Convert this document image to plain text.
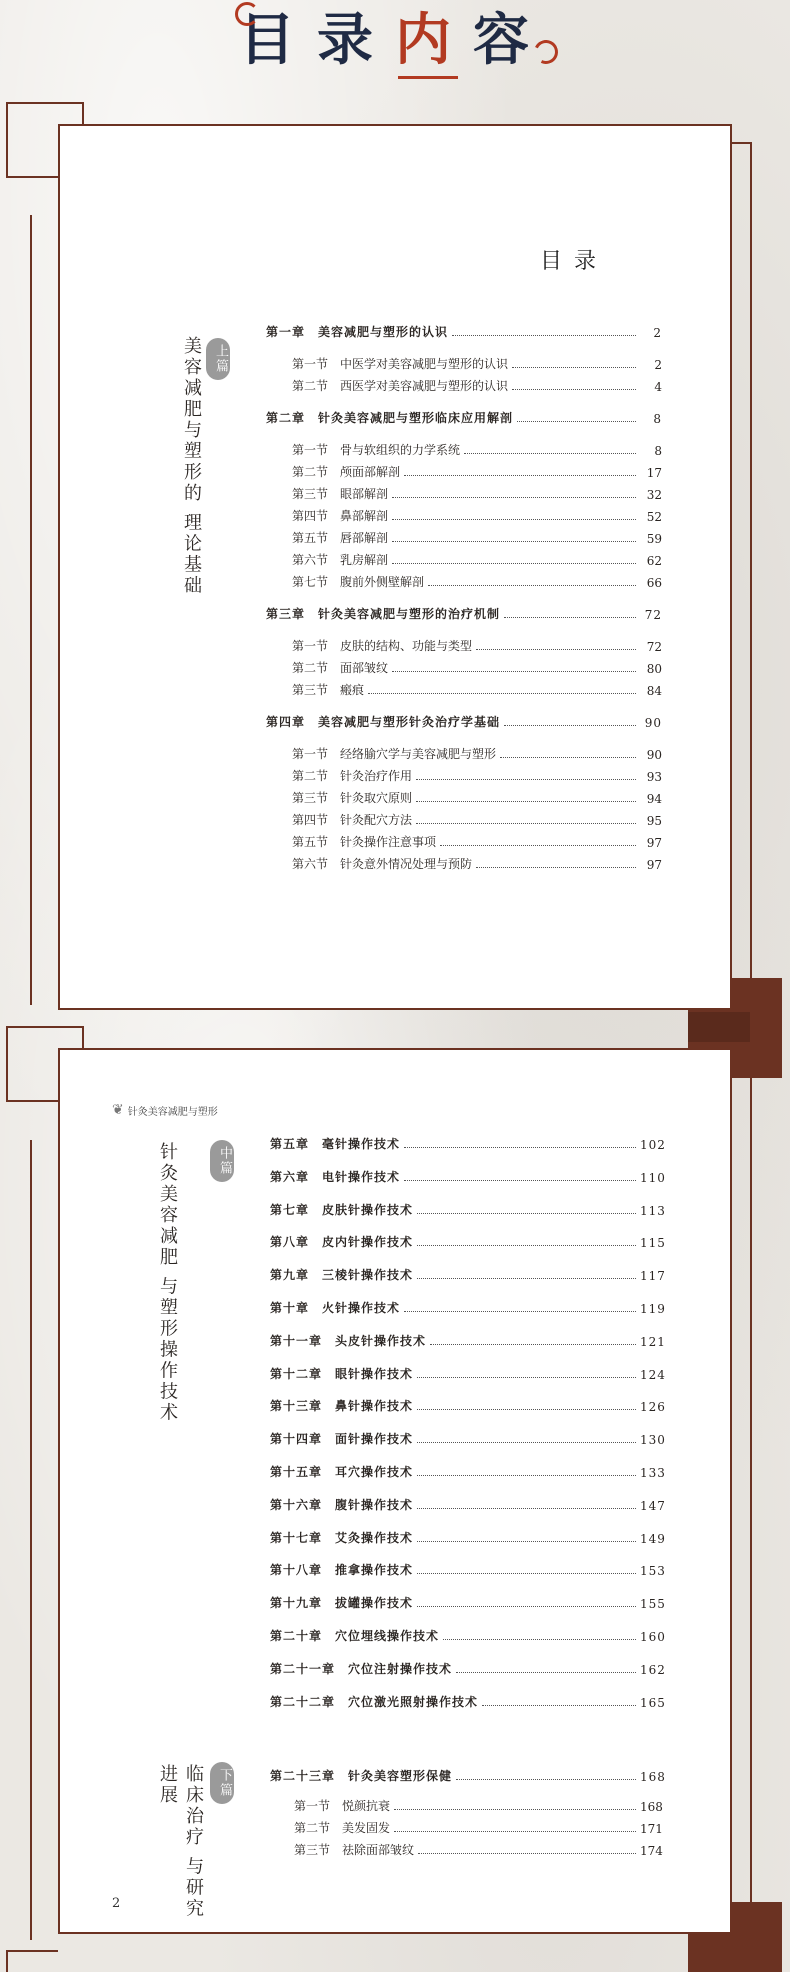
目录内容
目录
上篇
美容减肥与塑形的 理论基础
第一章　美容减肥与塑形的认识	2
第一节　中医学对美容减肥与塑形的认识	2
第二节　西医学对美容减肥与塑形的认识	4
第二章　针灸美容减肥与塑形临床应用解剖	8
第一节　骨与软组织的力学系统	8
第二节　颅面部解剖	17
第三节　眼部解剖	32
第四节　鼻部解剖	52
第五节　唇部解剖	59
第六节　乳房解剖	62
第七节　腹前外侧壁解剖	66
第三章　针灸美容减肥与塑形的治疗机制	72
第一节　皮肤的结构、功能与类型	72
第二节　面部皱纹	80
第三节　瘢痕	84
第四章　美容减肥与塑形针灸治疗学基础	90
第一节　经络腧穴学与美容减肥与塑形	90
第二节　针灸治疗作用	93
第三节　针灸取穴原则	94
第四节　针灸配穴方法	95
第五节　针灸操作注意事项	97
第六节　针灸意外情况处理与预防	97
❦ 针灸美容减肥与塑形
中篇
针灸美容减肥 与塑形操作技术
下篇
临床治疗 与研究进展
第五章　毫针操作技术	102
第六章　电针操作技术	110
第七章　皮肤针操作技术	113
第八章　皮内针操作技术	115
第九章　三棱针操作技术	117
第十章　火针操作技术	119
第十一章　头皮针操作技术	121
第十二章　眼针操作技术	124
第十三章　鼻针操作技术	126
第十四章　面针操作技术	130
第十五章　耳穴操作技术	133
第十六章　腹针操作技术	147
第十七章　艾灸操作技术	149
第十八章　推拿操作技术	153
第十九章　拔罐操作技术	155
第二十章　穴位埋线操作技术	160
第二十一章　穴位注射操作技术	162
第二十二章　穴位激光照射操作技术	165
第二十三章　针灸美容塑形保健	168
第一节　悦颜抗衰	168
第二节　美发固发	171
第三节　祛除面部皱纹	174
2
